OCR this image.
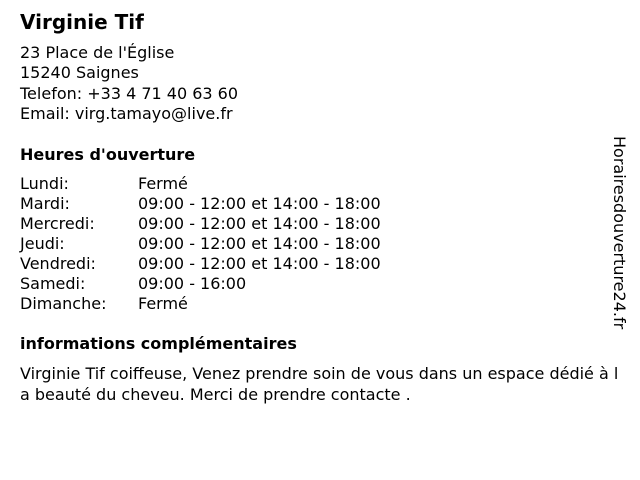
Virginie Tif
23 Place de l'Église
15240 Saignes
Telefon: +33 4 71 40 63 60
Email: virg.tamayo@live.fr
Heures d'ouverture
Lundi:	Fermé
Mardi:	09:00 - 12:00 et 14:00 - 18:00
Mercredi:	09:00 - 12:00 et 14:00 - 18:00
Jeudi:	09:00 - 12:00 et 14:00 - 18:00
Vendredi:	09:00 - 12:00 et 14:00 - 18:00
Samedi:	09:00 - 16:00
Dimanche:	Fermé
informations complémentaires
Virginie Tif coiffeuse, Venez prendre soin de vous dans un espace dédié à la beauté du cheveu. Merci de prendre contacte .
Horairesdouverture24.fr
